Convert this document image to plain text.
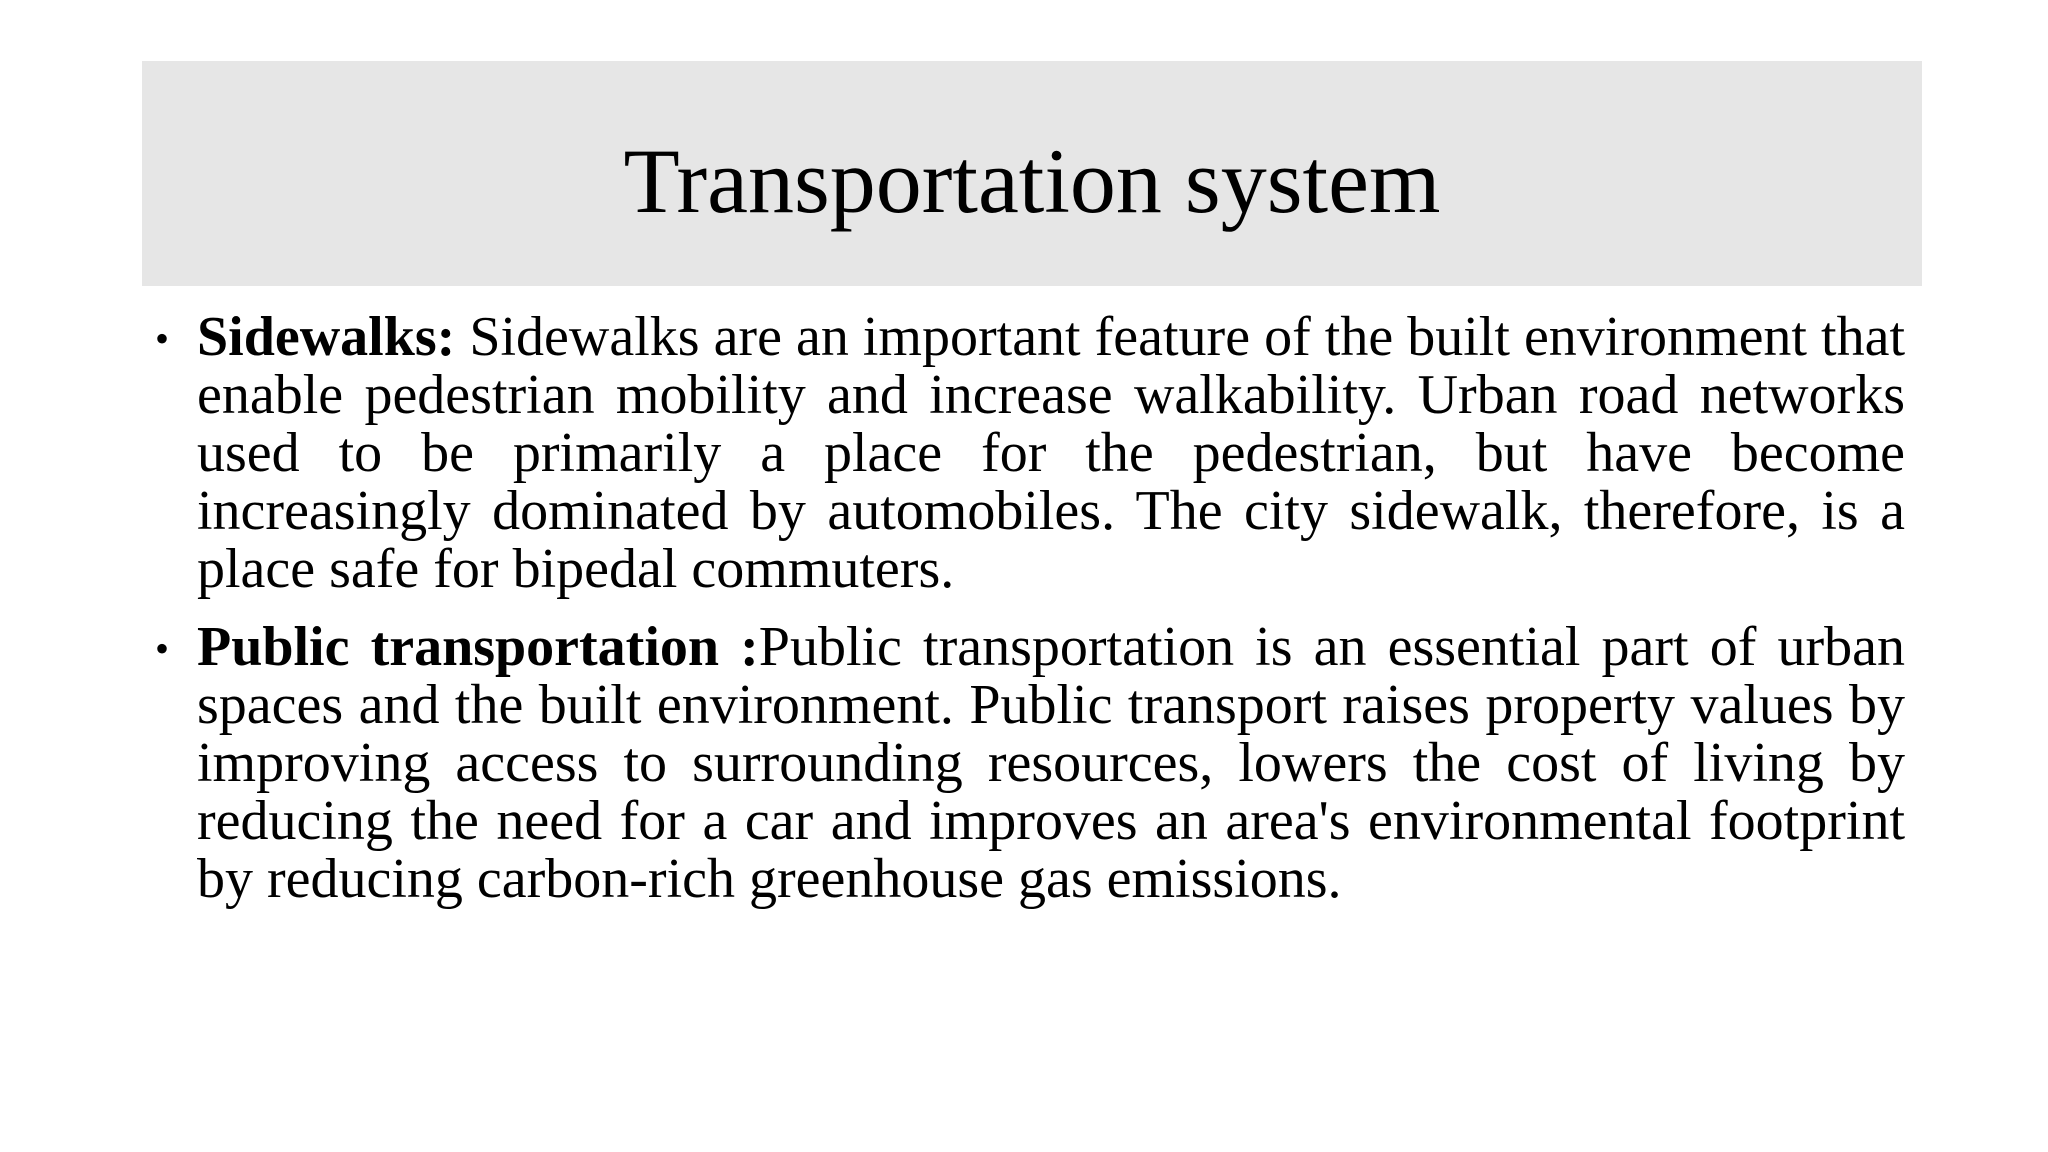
Transportation system
• Sidewalks: Sidewalks are an important feature of the built environment that enable pedestrian mobility and increase walkability. Urban road networks used to be primarily a place for the pedestrian, but have become increasingly dominated by automobiles. The city sidewalk, therefore, is a place safe for bipedal commuters.

• Public transportation :Public transportation is an essential part of urban spaces and the built environment. Public transport raises property values by improving access to surrounding resources, lowers the cost of living by reducing the need for a car and improves an area's environmental footprint by reducing carbon-rich greenhouse gas emissions.
